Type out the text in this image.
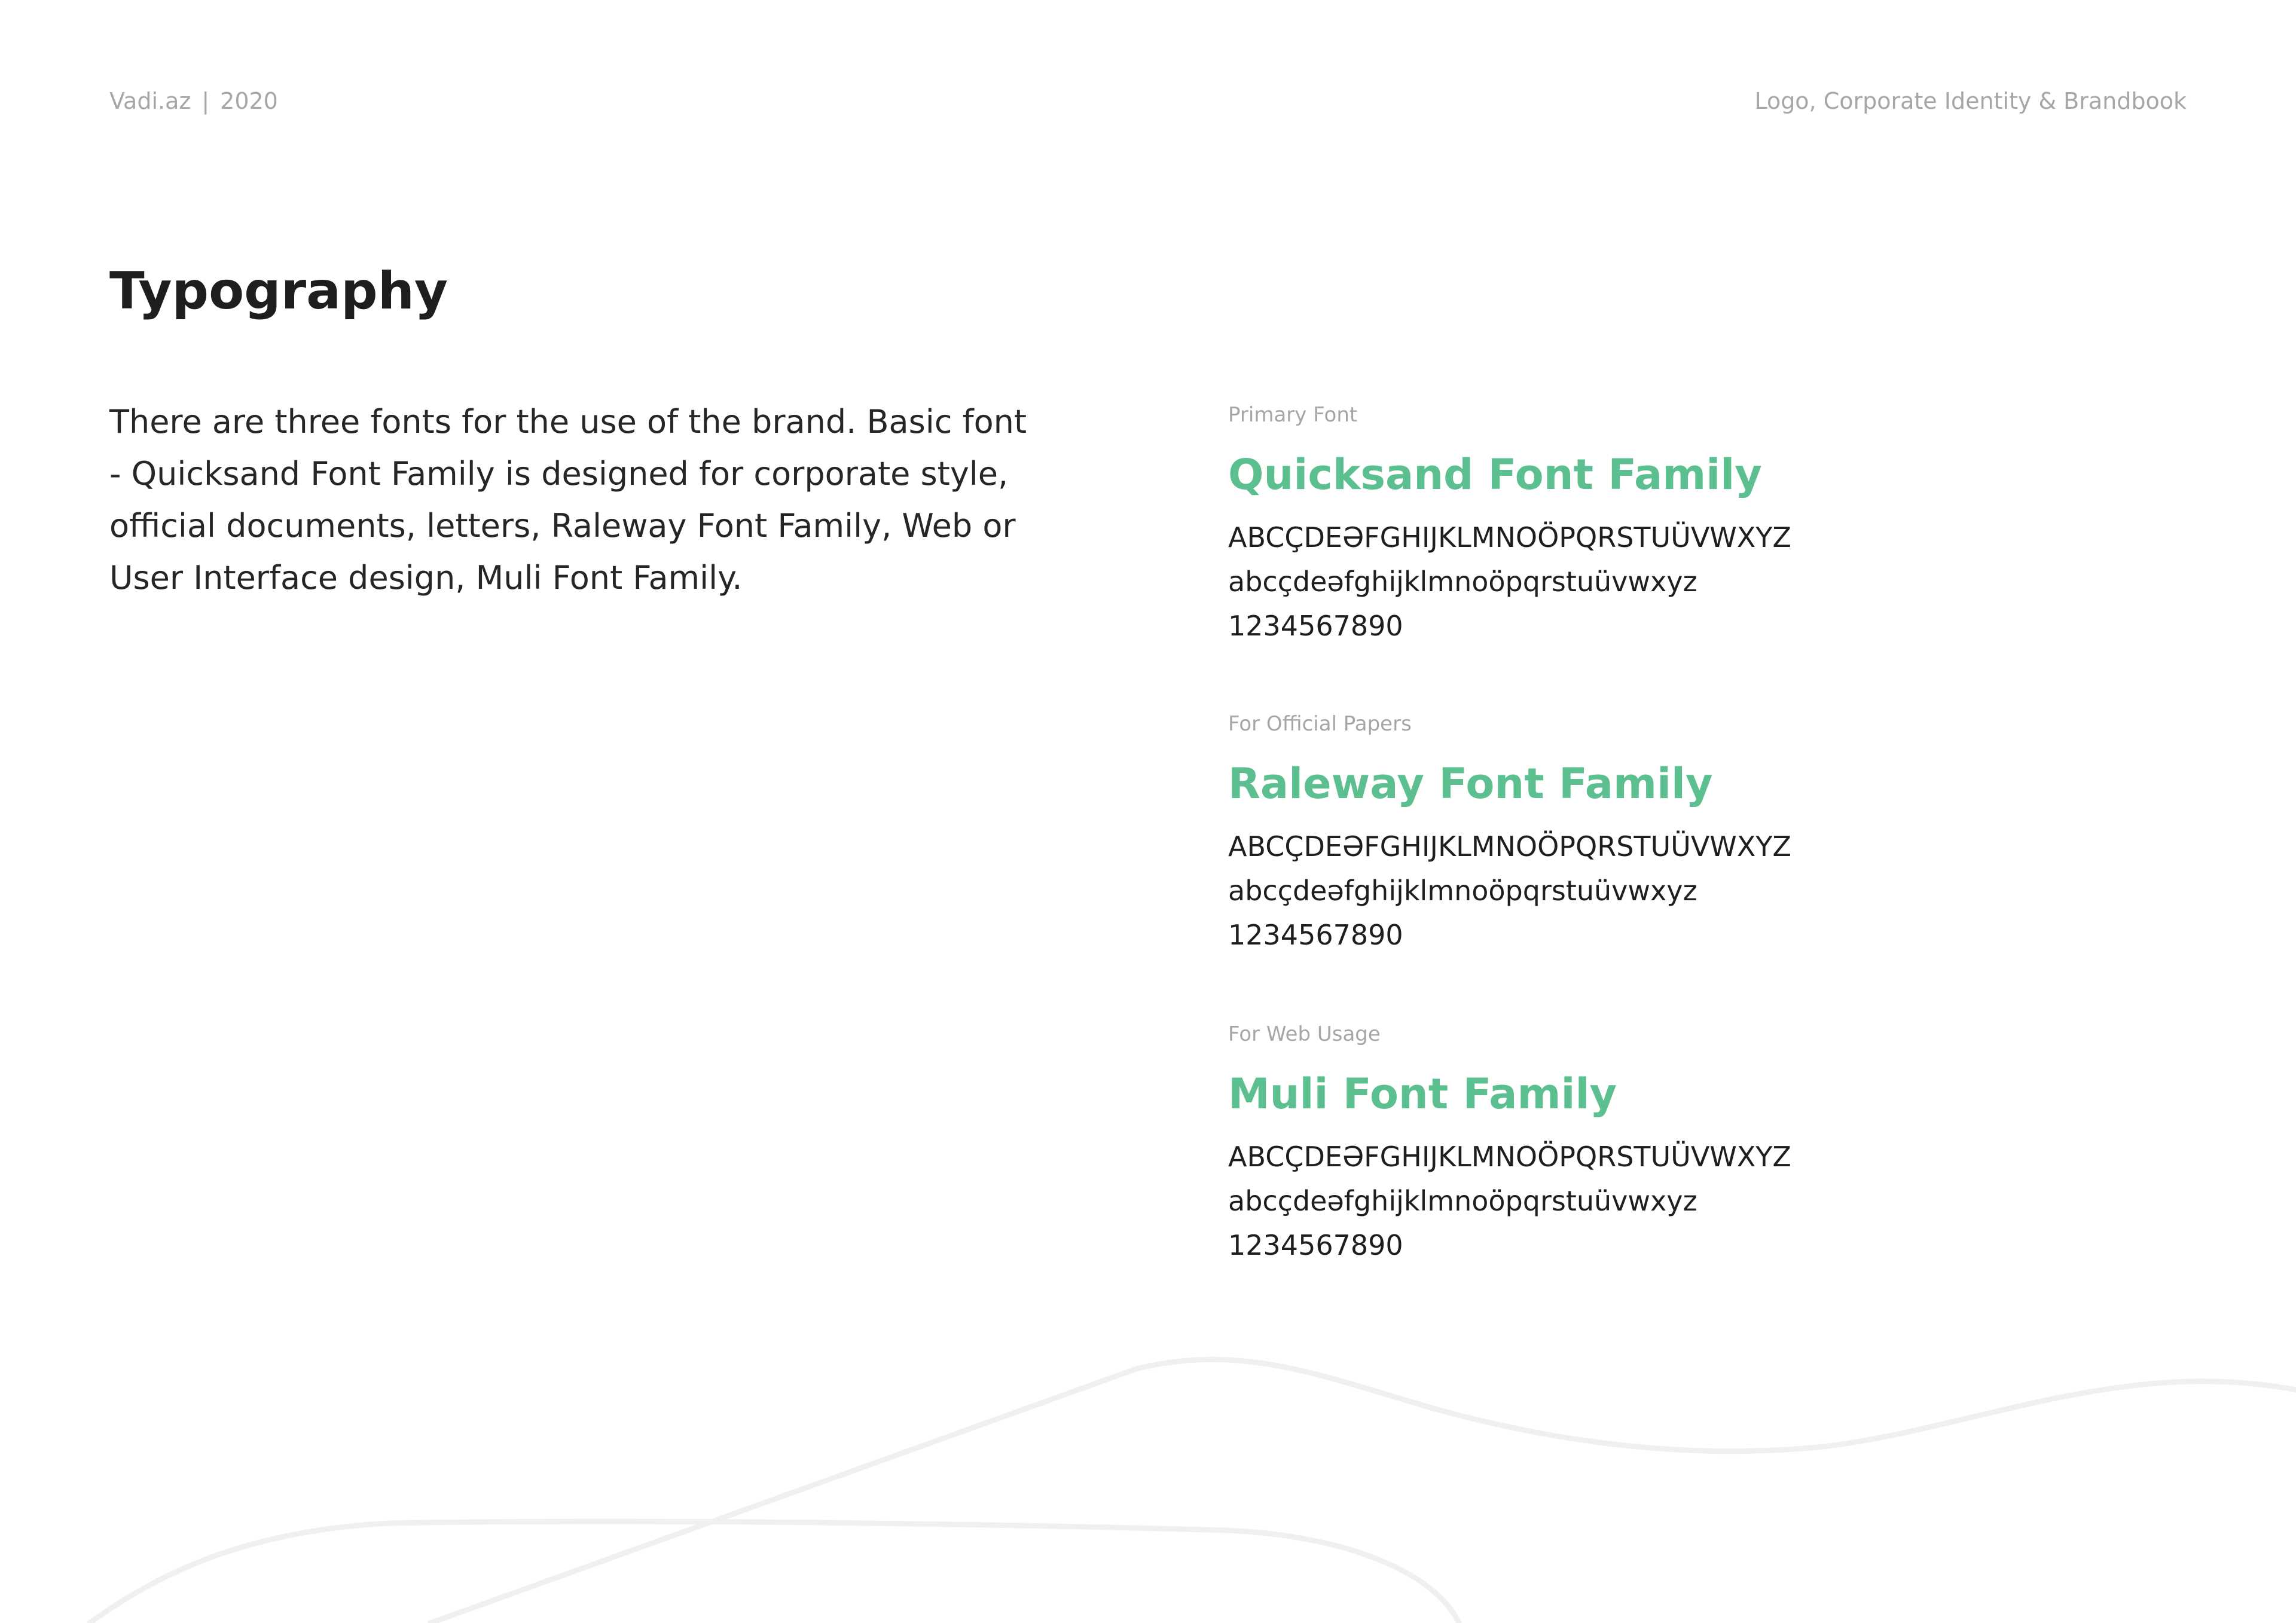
Vadi.az | 2020	Logo, Corporate Identity & Brandbook
Typography

There are three fonts for the use of the brand. Basic font - Quicksand Font Family is designed for corporate style, official documents, letters, Raleway Font Family, Web or User Interface design, Muli Font Family.

Primary Font
Quicksand Font Family
ABCÇDEƏFGHIJKLMNOÖPQRSTUÜVWXYZ
abcçdeəfghijklmnoöpqrstuüvwxyz
1234567890
For Official Papers
Raleway Font Family
ABCÇDEƏFGHIJKLMNOÖPQRSTUÜVWXYZ
abcçdeəfghijklmnoöpqrstuüvwxyz
1234567890
For Web Usage
Muli Font Family
ABCÇDEƏFGHIJKLMNOÖPQRSTUÜVWXYZ
abcçdeəfghijklmnoöpqrstuüvwxyz
1234567890
